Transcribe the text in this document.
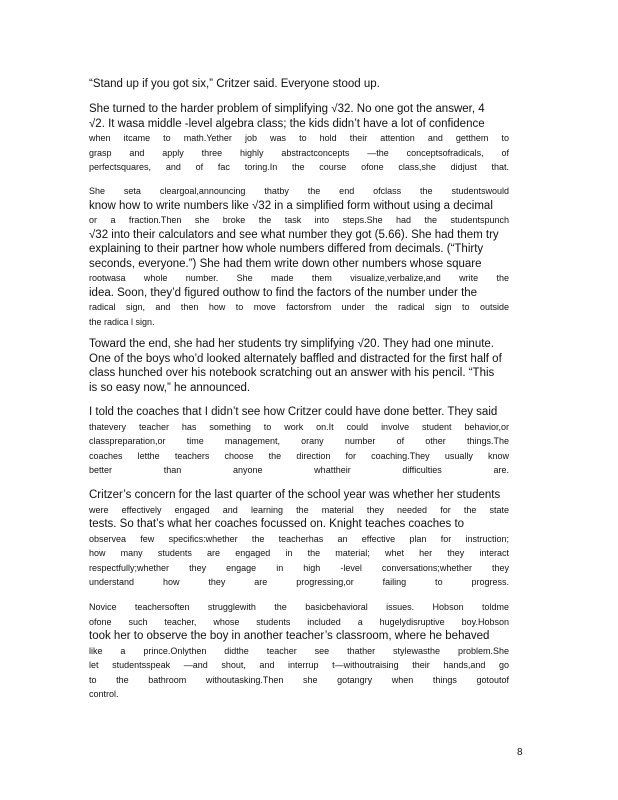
“Stand up if you got six,” Critzer said. Everyone stood up.
She turned to the harder problem of simplifying √32. No one got the answer, 4
√2. It wasa middle -level algebra class; the kids didn’t have a lot of confidence
when itcame to math.Yether job was to hold their attention and getthem to
grasp and apply three highly abstractconcepts —the conceptsofradicals, of
perfectsquares, and of fac toring.In the course ofone class,she didjust that.
She seta cleargoal,announcing thatby the end ofclass the studentswould
know how to write numbers like √32 in a simplified form without using a decimal
or a fraction.Then she broke the task into steps.She had the studentspunch
√32 into their calculators and see what number they got (5.66). She had them try
explaining to their partner how whole numbers differed from decimals. (“Thirty
seconds, everyone.”) She had them write down other numbers whose square
rootwasa whole number. She made them visualize,verbalize,and write the
idea. Soon, they’d figured outhow to find the factors of the number under the
radical sign, and then how to move factorsfrom under the radical sign to outside
the radica l sign.
Toward the end, she had her students try simplifying √20. They had one minute.
One of the boys who’d looked alternately baffled and distracted for the first half of
class hunched over his notebook scratching out an answer with his pencil. “This
is so easy now,” he announced.
I told the coaches that I didn’t see how Critzer could have done better. They said
thatevery teacher has something to work on.It could involve student behavior,or
classpreparation,or time management, orany number of other things.The
coaches letthe teachers choose the direction for coaching.They usually know
better than anyone whattheir difficulties are.
Critzer’s concern for the last quarter of the school year was whether her students
were effectively engaged and learning the material they needed for the state
tests. So that’s what her coaches focussed on. Knight teaches coaches to
observea few specifics:whether the teacherhas an effective plan for instruction;
how many students are engaged in the material; whet her they interact
respectfully;whether they engage in high -level conversations;whether they
understand how they are progressing,or failing to progress.
Novice teachersoften strugglewith the basicbehavioral issues. Hobson toldme
ofone such teacher, whose students included a hugelydisruptive boy.Hobson
took her to observe the boy in another teacher’s classroom, where he behaved
like a prince.Onlythen didthe teacher see thather stylewasthe problem.She
let studentsspeak —and shout, and interrup t—withoutraising their hands,and go
to the bathroom withoutasking.Then she gotangry when things gotoutof
control.
8
